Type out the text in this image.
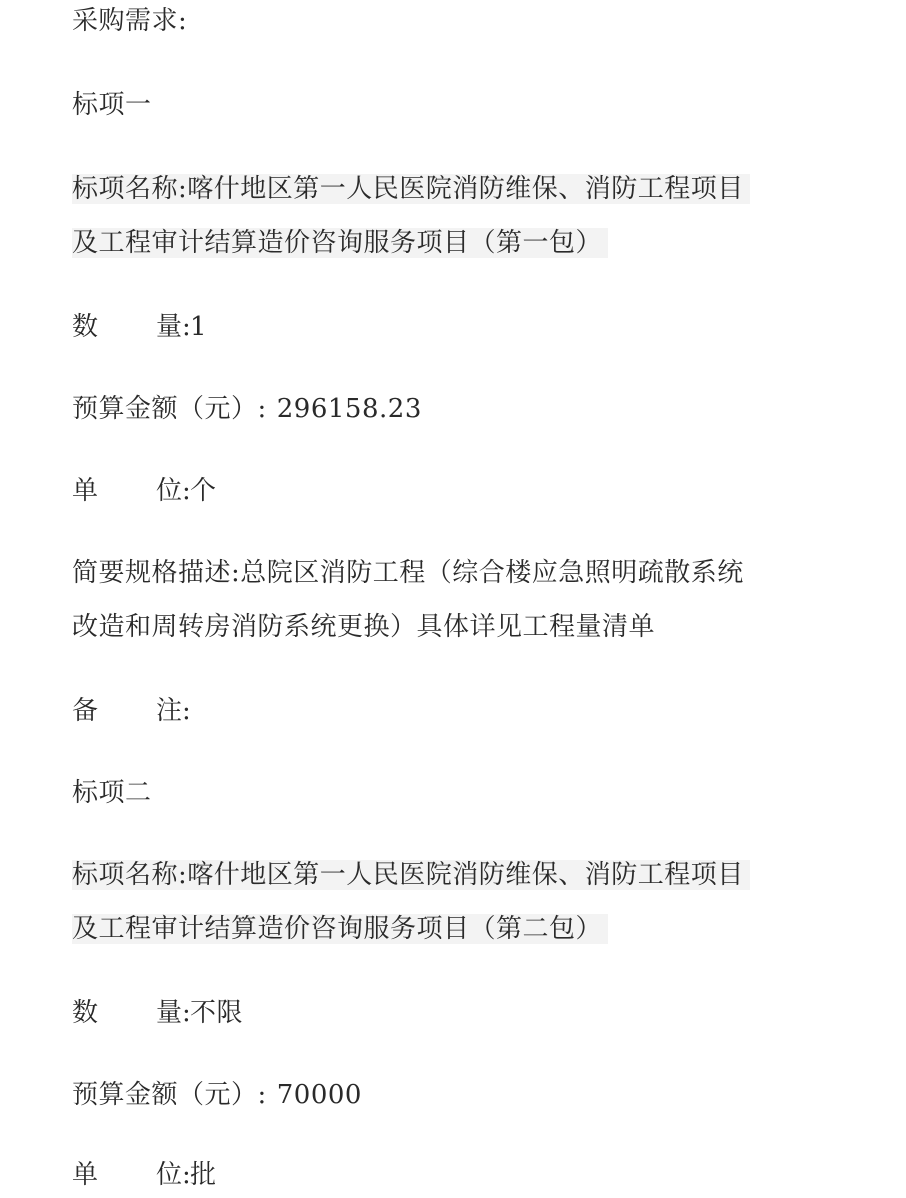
采购需求:

标项一

标项名称:喀什地区第一人民医院消防维保、消防工程项目

及工程审计结算造价咨询服务项目（第一包）

数 量:1

预算金额（元）: 296158.23

单 位:个

简要规格描述:总院区消防工程（综合楼应急照明疏散系统

改造和周转房消防系统更换）具体详见工程量清单

备 注:

标项二

标项名称:喀什地区第一人民医院消防维保、消防工程项目

及工程审计结算造价咨询服务项目（第二包）

数 量:不限

预算金额（元）: 70000

单 位:批
